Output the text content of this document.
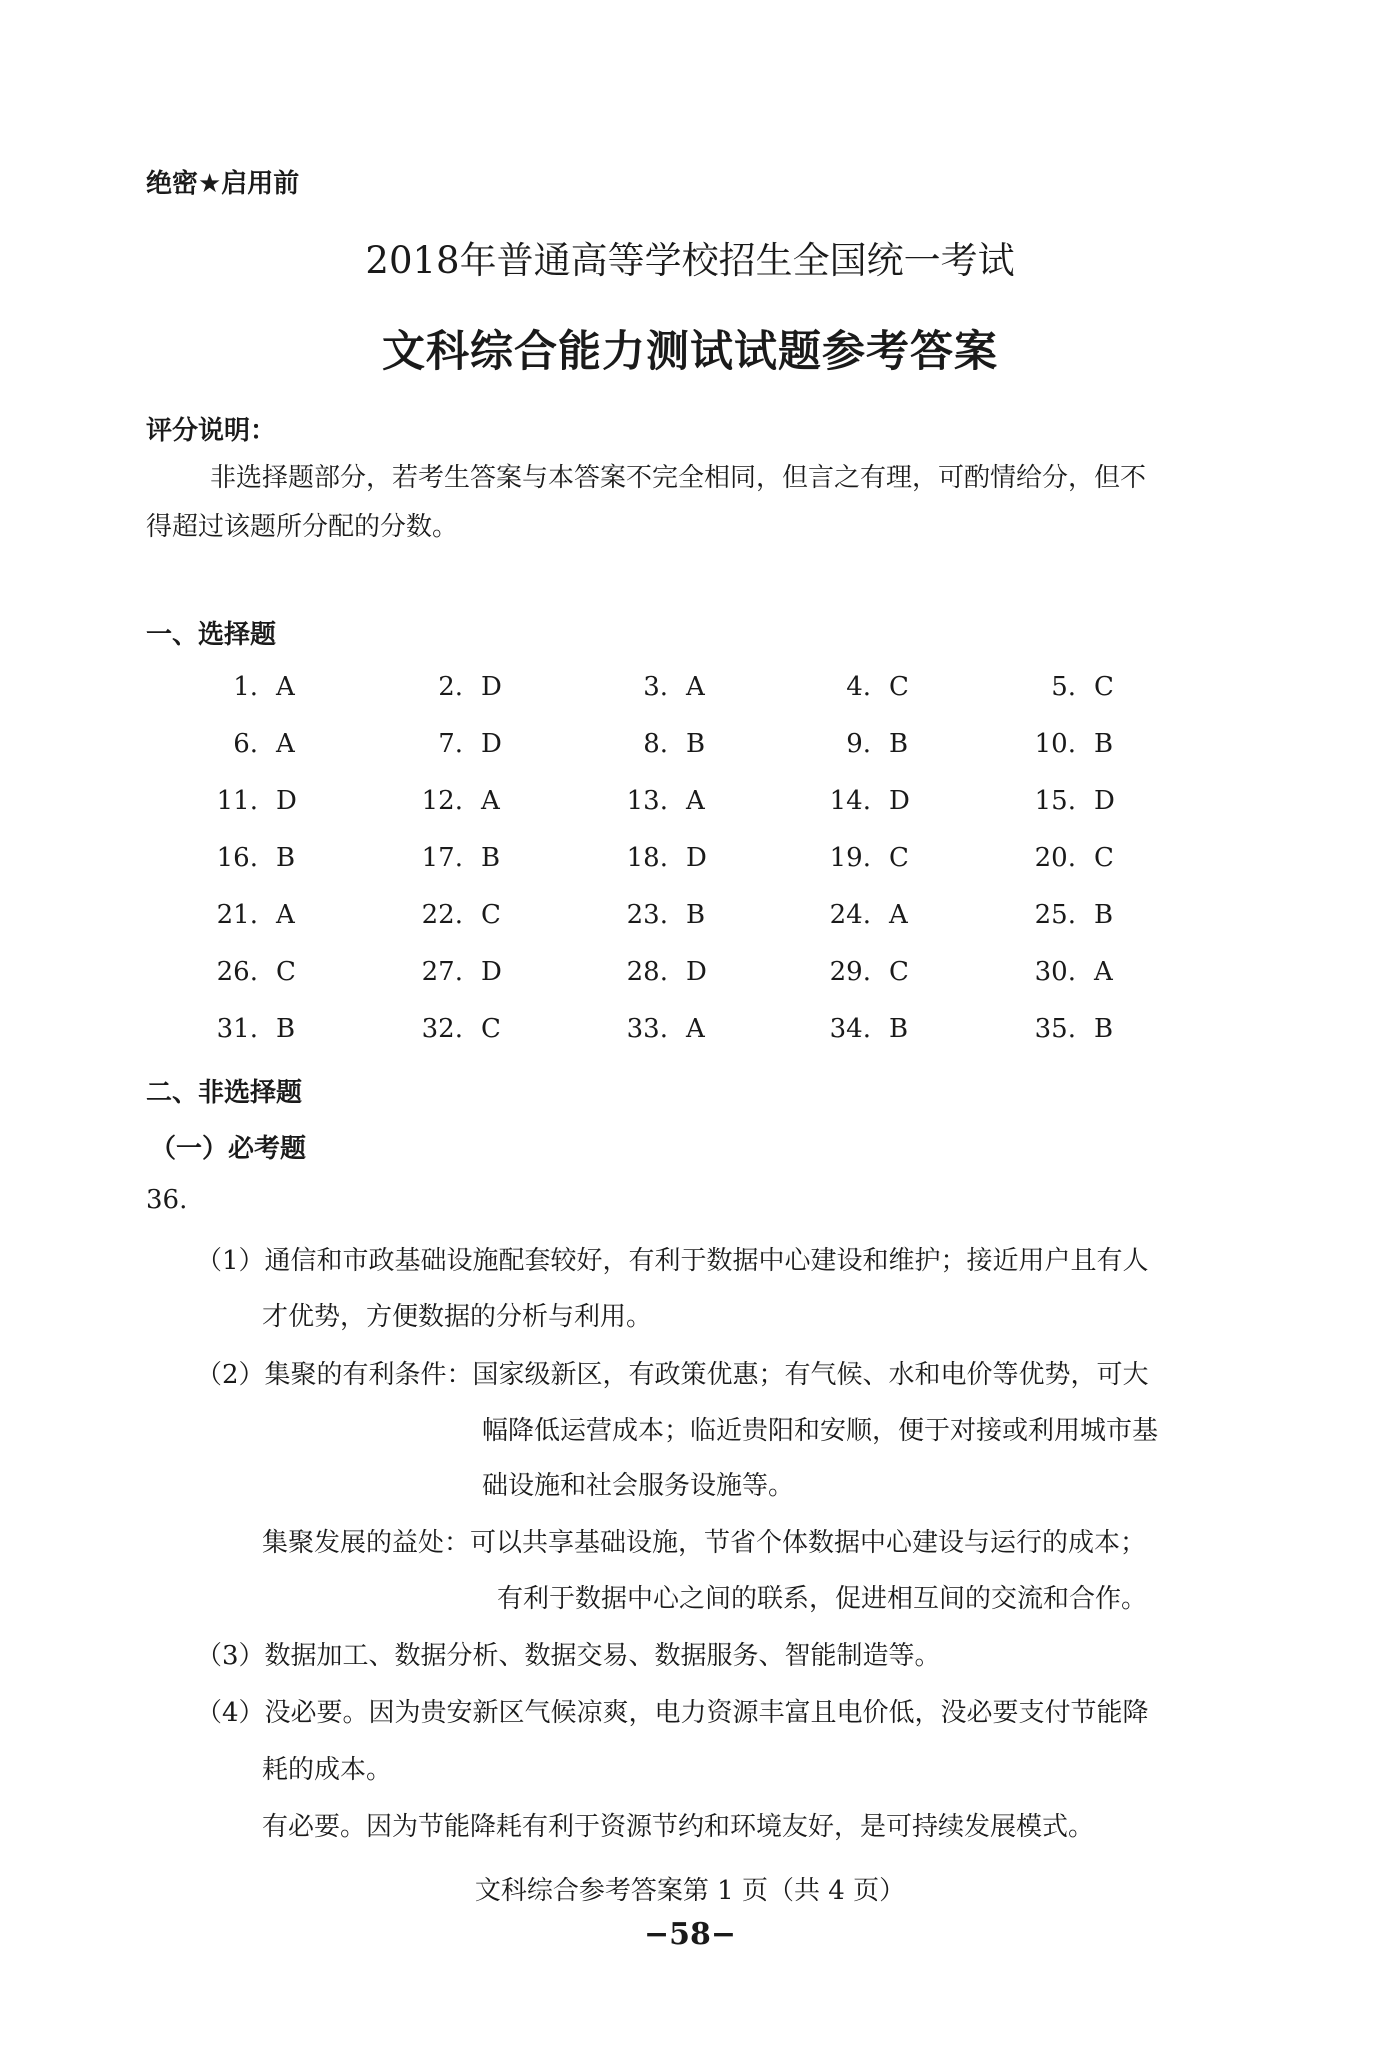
绝密★启用前
2018年普通高等学校招生全国统一考试
文科综合能力测试试题参考答案
评分说明：
非选择题部分，若考生答案与本答案不完全相同，但言之有理，可酌情给分，但不
得超过该题所分配的分数。
一、选择题
1. A	2. D	3. A	4. C	5. C
6. A	7. D	8. B	9. B	10. B
11. D	12. A	13. A	14. D	15. D
16. B	17. B	18. D	19. C	20. C
21. A	22. C	23. B	24. A	25. B
26. C	27. D	28. D	29. C	30. A
31. B	32. C	33. A	34. B	35. B
二、非选择题
（一）必考题
36.
（1）通信和市政基础设施配套较好，有利于数据中心建设和维护；接近用户且有人
才优势，方便数据的分析与利用。
（2）集聚的有利条件：国家级新区，有政策优惠；有气候、水和电价等优势，可大
幅降低运营成本；临近贵阳和安顺，便于对接或利用城市基
础设施和社会服务设施等。
集聚发展的益处：可以共享基础设施，节省个体数据中心建设与运行的成本；
有利于数据中心之间的联系，促进相互间的交流和合作。
（3）数据加工、数据分析、数据交易、数据服务、智能制造等。
（4）没必要。因为贵安新区气候凉爽，电力资源丰富且电价低，没必要支付节能降
耗的成本。
有必要。因为节能降耗有利于资源节约和环境友好，是可持续发展模式。
文科综合参考答案第 1 页（共 4 页）
−58−
